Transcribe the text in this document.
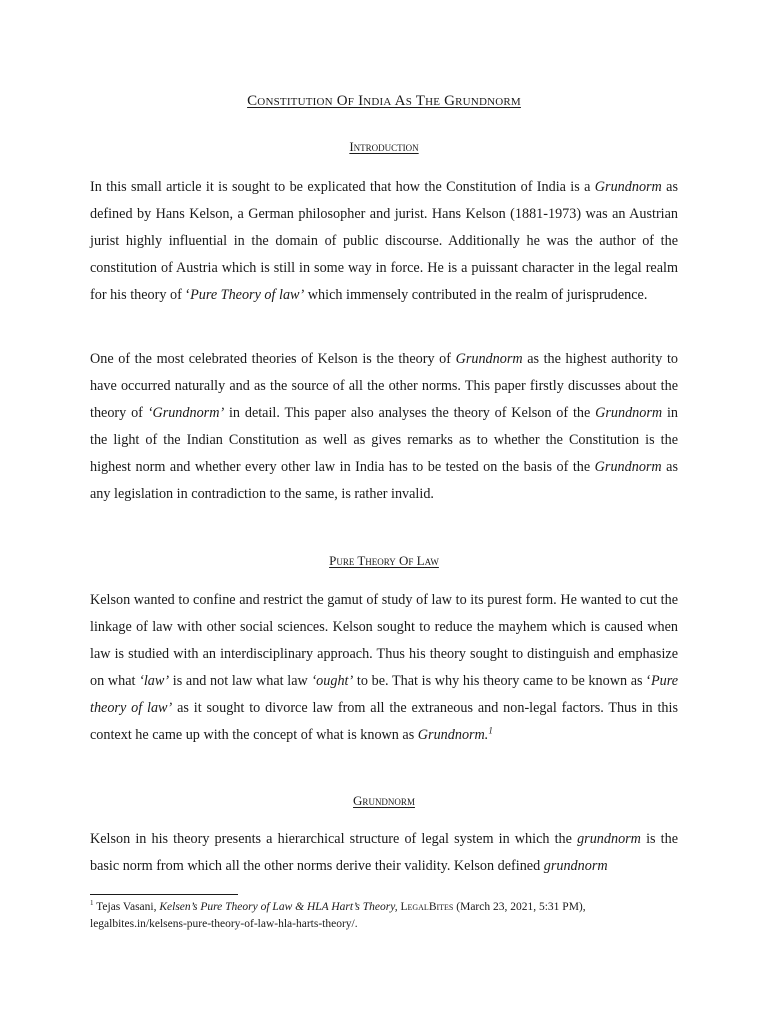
Constitution Of India As The Grundnorm
Introduction
In this small article it is sought to be explicated that how the Constitution of India is a Grundnorm as defined by Hans Kelson, a German philosopher and jurist. Hans Kelson (1881-1973) was an Austrian jurist highly influential in the domain of public discourse. Additionally he was the author of the constitution of Austria which is still in some way in force. He is a puissant character in the legal realm for his theory of ‘Pure Theory of law’ which immensely contributed in the realm of jurisprudence.
One of the most celebrated theories of Kelson is the theory of Grundnorm as the highest authority to have occurred naturally and as the source of all the other norms. This paper firstly discusses about the theory of ‘Grundnorm’ in detail. This paper also analyses the theory of Kelson of the Grundnorm in the light of the Indian Constitution as well as gives remarks as to whether the Constitution is the highest norm and whether every other law in India has to be tested on the basis of the Grundnorm as any legislation in contradiction to the same, is rather invalid.
Pure Theory Of Law
Kelson wanted to confine and restrict the gamut of study of law to its purest form. He wanted to cut the linkage of law with other social sciences. Kelson sought to reduce the mayhem which is caused when law is studied with an interdisciplinary approach. Thus his theory sought to distinguish and emphasize on what ‘law’ is and not law what law ‘ought’ to be. That is why his theory came to be known as ‘Pure theory of law’ as it sought to divorce law from all the extraneous and non-legal factors. Thus in this context he came up with the concept of what is known as Grundnorm.$^1$
Grundnorm
Kelson in his theory presents a hierarchical structure of legal system in which the grundnorm is the basic norm from which all the other norms derive their validity. Kelson defined grundnorm
$^1$ Tejas Vasani, Kelsen’s Pure Theory of Law & HLA Hart’s Theory, LegalBites (March 23, 2021, 5:31 PM),
legalbites.in/kelsens-pure-theory-of-law-hla-harts-theory/.
